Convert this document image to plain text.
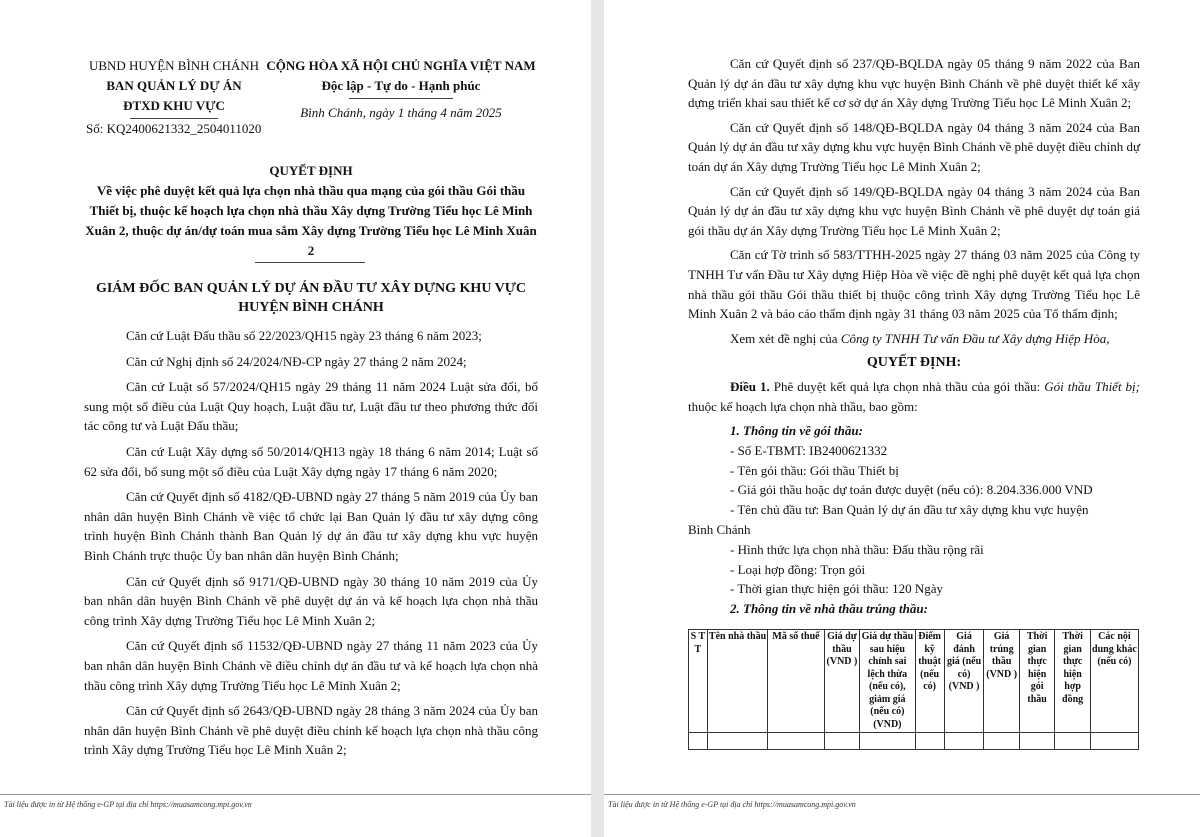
UBND HUYỆN BÌNH CHÁNH
BAN QUẢN LÝ DỰ ÁN
ĐTXD KHU VỰC
Số: KQ2400621332_2504011020
CỘNG HÒA XÃ HỘI CHỦ NGHĨA VIỆT NAM
Độc lập - Tự do - Hạnh phúc
Bình Chánh, ngày 1 tháng 4 năm 2025
QUYẾT ĐỊNH
Về việc phê duyệt kết quả lựa chọn nhà thầu qua mạng của gói thầu Gói thầu Thiết bị, thuộc kế hoạch lựa chọn nhà thầu Xây dựng Trường Tiểu học Lê Minh Xuân 2, thuộc dự án/dự toán mua sắm Xây dựng Trường Tiểu học Lê Minh Xuân 2
GIÁM ĐỐC BAN QUẢN LÝ DỰ ÁN ĐẦU TƯ XÂY DỰNG KHU VỰC HUYỆN BÌNH CHÁNH

Căn cứ Luật Đấu thầu số 22/2023/QH15 ngày 23 tháng 6 năm 2023;

Căn cứ Nghị định số 24/2024/NĐ-CP ngày 27 tháng 2 năm 2024;

Căn cứ Luật số 57/2024/QH15 ngày 29 tháng 11 năm 2024 Luật sửa đổi, bổ sung một số điều của Luật Quy hoạch, Luật đầu tư, Luật đầu tư theo phương thức đối tác công tư và Luật Đấu thầu;

Căn cứ Luật Xây dựng số 50/2014/QH13 ngày 18 tháng 6 năm 2014; Luật số 62 sửa đổi, bổ sung một số điều của Luật Xây dựng ngày 17 tháng 6 năm 2020;

Căn cứ Quyết định số 4182/QĐ-UBND ngày 27 tháng 5 năm 2019 của Ủy ban nhân dân huyện Bình Chánh về việc tổ chức lại Ban Quản lý đầu tư xây dựng công trình huyện Bình Chánh thành Ban Quản lý dự án đầu tư xây dựng khu vực huyện Bình Chánh trực thuộc Ủy ban nhân dân huyện Bình Chánh;

Căn cứ Quyết định số 9171/QĐ-UBND ngày 30 tháng 10 năm 2019 của Ủy ban nhân dân huyện Bình Chánh về phê duyệt dự án và kế hoạch lựa chọn nhà thầu công trình Xây dựng Trường Tiểu học Lê Minh Xuân 2;

Căn cứ Quyết định số 11532/QĐ-UBND ngày 27 tháng 11 năm 2023 của Ủy ban nhân dân huyện Bình Chánh về điều chỉnh dự án đầu tư và kế hoạch lựa chọn nhà thầu công trình Xây dựng Trường Tiểu học Lê Minh Xuân 2;

Căn cứ Quyết định số 2643/QĐ-UBND ngày 28 tháng 3 năm 2024 của Ủy ban nhân dân huyện Bình Chánh về phê duyệt điều chỉnh kế hoạch lựa chọn nhà thầu công trình Xây dựng Trường Tiểu học Lê Minh Xuân 2;

Tài liệu được in từ Hệ thống e-GP tại địa chỉ https://muasamcong.mpi.gov.vn

Căn cứ Quyết định số 237/QĐ-BQLDA ngày 05 tháng 9 năm 2022 của Ban Quản lý dự án đầu tư xây dựng khu vực huyện Bình Chánh về phê duyệt thiết kế xây dựng triển khai sau thiết kế cơ sở dự án Xây dựng Trường Tiểu học Lê Minh Xuân 2;

Căn cứ Quyết định số 148/QĐ-BQLDA ngày 04 tháng 3 năm 2024 của Ban Quản lý dự án đầu tư xây dựng khu vực huyện Bình Chánh về phê duyệt điều chỉnh dự toán dự án Xây dựng Trường Tiểu học Lê Minh Xuân 2;

Căn cứ Quyết định số 149/QĐ-BQLDA ngày 04 tháng 3 năm 2024 của Ban Quản lý dự án đầu tư xây dựng khu vực huyện Bình Chánh về phê duyệt dự toán giá gói thầu dự án Xây dựng Trường Tiểu học Lê Minh Xuân 2;

Căn cứ Tờ trình số 583/TTHH-2025 ngày 27 tháng 03 năm 2025 của Công ty TNHH Tư vấn Đầu tư Xây dựng Hiệp Hòa về việc đề nghị phê duyệt kết quả lựa chọn nhà thầu gói thầu Gói thầu thiết bị thuộc công trình Xây dựng Trường Tiểu học Lê Minh Xuân 2 và báo cáo thẩm định ngày 31 tháng 03 năm 2025 của Tổ thẩm định;

Xem xét đề nghị của Công ty TNHH Tư vấn Đầu tư Xây dựng Hiệp Hòa,

QUYẾT ĐỊNH:

Điều 1. Phê duyệt kết quả lựa chọn nhà thầu của gói thầu: Gói thầu Thiết bị; thuộc kế hoạch lựa chọn nhà thầu, bao gồm:

1. Thông tin về gói thầu:
- Số E-TBMT: IB2400621332
- Tên gói thầu: Gói thầu Thiết bị
- Giá gói thầu hoặc dự toán được duyệt (nếu có): 8.204.336.000 VND
- Tên chủ đầu tư: Ban Quản lý dự án đầu tư xây dựng khu vực huyện
Bình Chánh
- Hình thức lựa chọn nhà thầu: Đấu thầu rộng rãi
- Loại hợp đồng: Trọn gói
- Thời gian thực hiện gói thầu: 120 Ngày
2. Thông tin về nhà thầu trúng thầu:
Tài liệu được in từ Hệ thống e-GP tại địa chỉ https://muasamcong.mpi.gov.vn
S T T	Tên nhà thầu	Mã số thuế	Giá dự thầu (VND )	Giá dự thầu sau hiệu chỉnh sai lệch thừa (nếu có), giảm giá (nếu có) (VND)	Điểm kỹ thuật (nếu có)	Giá đánh giá (nếu có) (VND )	Giá trúng thầu (VND )	Thời gian thực hiện gói thầu	Thời gian thực hiện hợp đồng	Các nội dung khác (nếu có)
